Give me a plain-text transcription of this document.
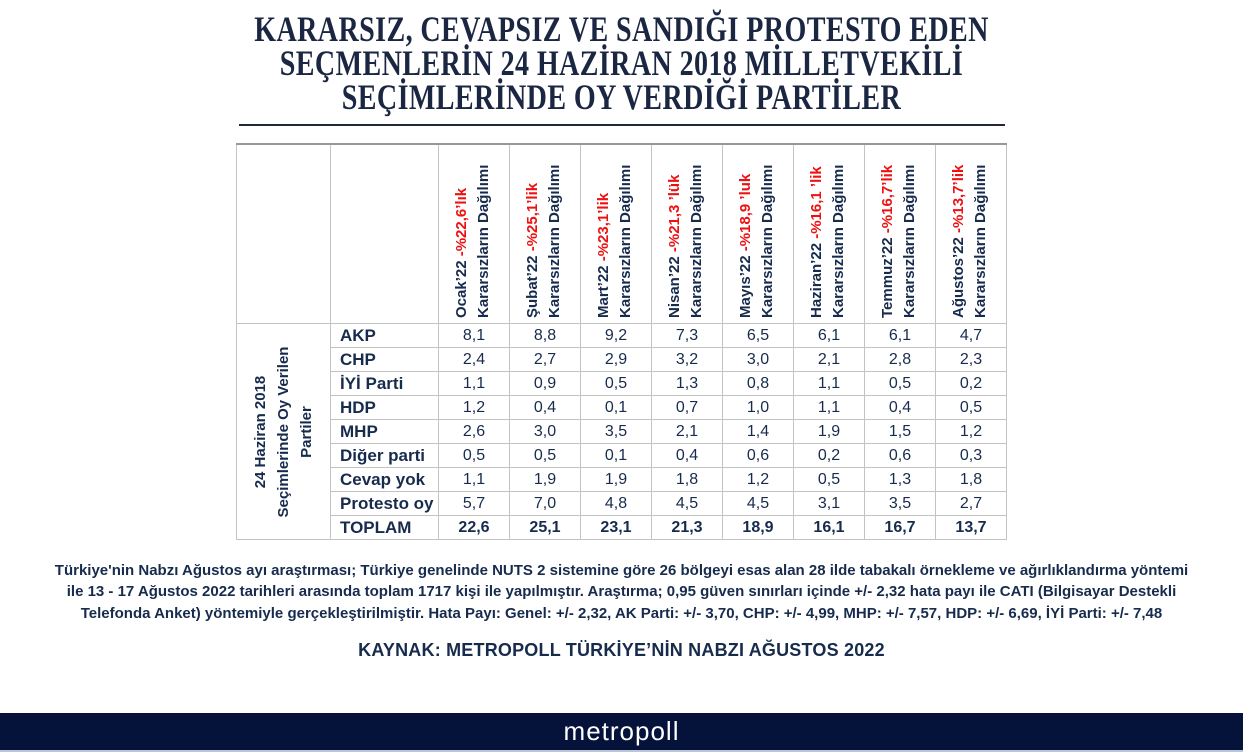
KARARSIZ, CEVAPSIZ VE SANDIĞI PROTESTO EDEN
SEÇMENLERİN 24 HAZİRAN 2018 MİLLETVEKİLİ
SEÇİMLERİNDE OY VERDİĞİ PARTİLER

		Ocak’22 -%22,6’lık Kararsızların Dağılımı	Şubat’22 -%25,1’lik Kararsızların Dağılımı	Mart’22 -%23,1’lik Kararsızların Dağılımı	Nisan’22 -%21,3 ’lük Kararsızların Dağılımı	Mayıs’22 -%18,9 ’luk Kararsızların Dağılımı	Haziran’22 -%16,1 ’lik Kararsızların Dağılımı	Temmuz’22 -%16,7’lik Kararsızların Dağılımı	Ağustos’22 -%13,7’lik Kararsızların Dağılımı

24 Haziran 2018 Seçimlerinde Oy Verilen Partiler	AKP	8,1	8,8	9,2	7,3	6,5	6,1	6,1	4,7
	CHP	2,4	2,7	2,9	3,2	3,0	2,1	2,8	2,3
	İYİ Parti	1,1	0,9	0,5	1,3	0,8	1,1	0,5	0,2
	HDP	1,2	0,4	0,1	0,7	1,0	1,1	0,4	0,5
	MHP	2,6	3,0	3,5	2,1	1,4	1,9	1,5	1,2
	Diğer parti	0,5	0,5	0,1	0,4	0,6	0,2	0,6	0,3
	Cevap yok	1,1	1,9	1,9	1,8	1,2	0,5	1,3	1,8
	Protesto oy	5,7	7,0	4,8	4,5	4,5	3,1	3,5	2,7
	TOPLAM	22,6	25,1	23,1	21,3	18,9	16,1	16,7	13,7
Türkiye'nin Nabzı Ağustos ayı araştırması; Türkiye genelinde NUTS 2 sistemine göre 26 bölgeyi esas alan 28 ilde tabakalı örnekleme ve ağırlıklandırma yöntemi ile 13 - 17 Ağustos 2022 tarihleri arasında toplam 1717 kişi ile yapılmıştır. Araştırma; 0,95 güven sınırları içinde +/- 2,32 hata payı ile CATI (Bilgisayar Destekli Telefonda Anket) yöntemiyle gerçekleştirilmiştir. Hata Payı: Genel: +/- 2,32, AK Parti: +/- 3,70, CHP: +/- 4,99, MHP: +/- 7,57, HDP: +/- 6,69, İYİ Parti: +/- 7,48
KAYNAK: METROPOLL TÜRKİYE’NİN NABZI AĞUSTOS 2022
metropoll
